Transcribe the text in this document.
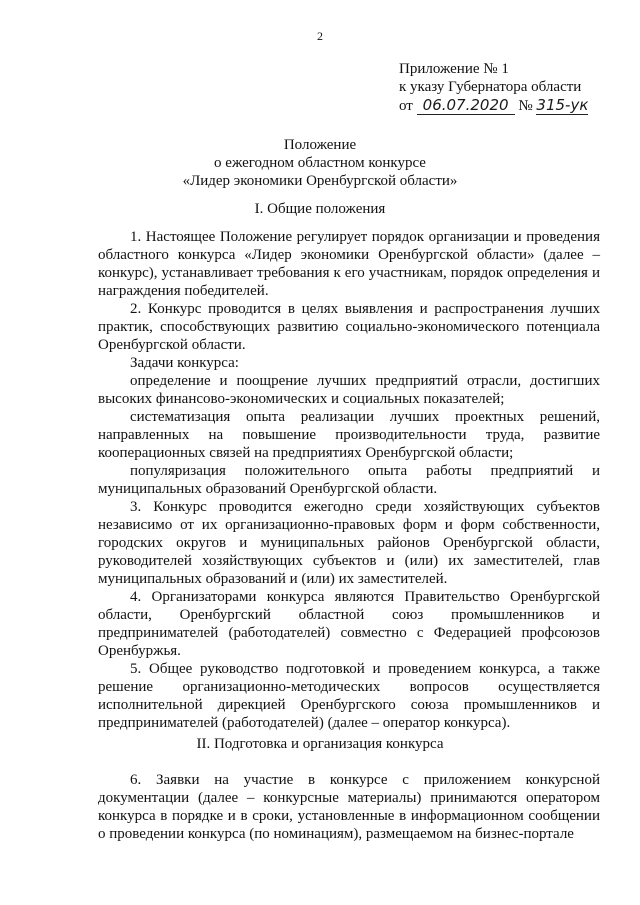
2
Приложение № 1
к указу Губернатора области
от 06.07.2020 № 315-ук
Положение
о ежегодном областном конкурсе
«Лидер экономики Оренбургской области»
I. Общие положения

1. Настоящее Положение регулирует порядок организации и проведения областного конкурса «Лидер экономики Оренбургской области» (далее – конкурс), устанавливает требования к его участникам, порядок определения и награждения победителей.

2. Конкурс проводится в целях выявления и распространения лучших практик, способствующих развитию социально-экономического потенциала Оренбургской области.

Задачи конкурса:

определение и поощрение лучших предприятий отрасли, достигших высоких финансово-экономических и социальных показателей;

систематизация опыта реализации лучших проектных решений, направленных на повышение производительности труда, развитие кооперационных связей на предприятиях Оренбургской области;

популяризация положительного опыта работы предприятий и муниципальных образований Оренбургской области.

3. Конкурс проводится ежегодно среди хозяйствующих субъектов независимо от их организационно-правовых форм и форм собственности, городских округов и муниципальных районов Оренбургской области, руководителей хозяйствующих субъектов и (или) их заместителей, глав муниципальных образований и (или) их заместителей.

4. Организаторами конкурса являются Правительство Оренбургской области, Оренбургский областной союз промышленников и предпринимателей (работодателей) совместно с Федерацией профсоюзов Оренбуржья.

5. Общее руководство подготовкой и проведением конкурса, а также решение организационно-методических вопросов осуществляется исполнительной дирекцией Оренбургского союза промышленников и предпринимателей (работодателей) (далее – оператор конкурса).

II. Подготовка и организация конкурса

6. Заявки на участие в конкурсе с приложением конкурсной документации (далее – конкурсные материалы) принимаются оператором конкурса в порядке и в сроки, установленные в информационном сообщении о проведении конкурса (по номинациям), размещаемом на бизнес-портале
